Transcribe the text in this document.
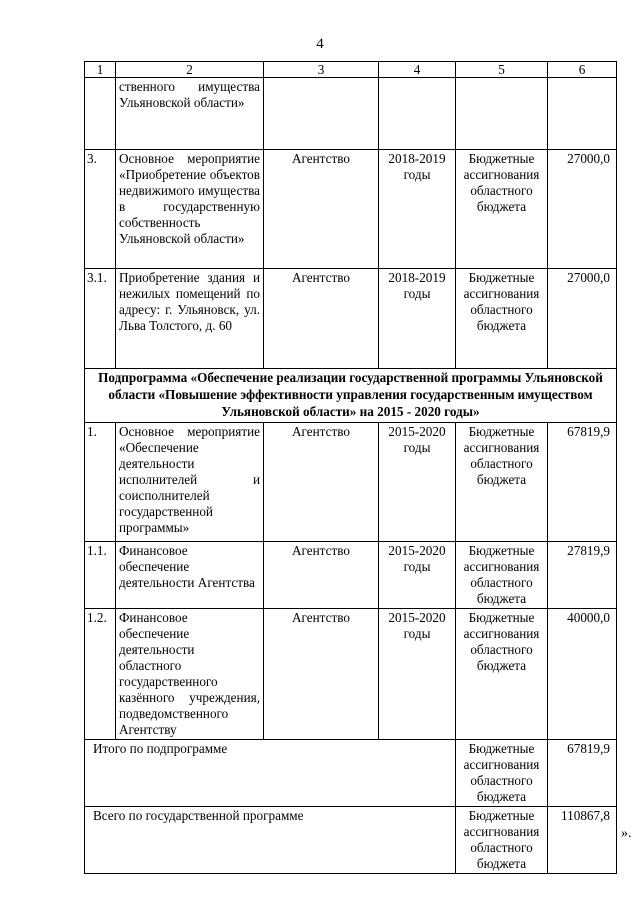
4
1	2	3	4	5	6
	ственного имущества Ульяновской области»				
3.	Основное мероприятие «Приобретение объектов недвижимого имущества в государственную собственность Ульяновской области»	Агентство	2018-2019 годы	Бюджетные ассигнования областного бюджета	27000,0
3.1.	Приобретение здания и нежилых помещений по адресу: г. Ульяновск, ул. Льва Толстого, д. 60	Агентство	2018-2019 годы	Бюджетные ассигнования областного бюджета	27000,0
Подпрограмма «Обеспечение реализации государственной программы Ульяновской области «Повышение эффективности управления государственным имуществом Ульяновской области» на 2015 - 2020 годы»					
1.	Основное мероприятие «Обеспечение деятельности исполнителей и соисполнителей государственной программы»	Агентство	2015-2020 годы	Бюджетные ассигнования областного бюджета	67819,9
1.1.	Финансовое обеспечение деятельности Агентства	Агентство	2015-2020 годы	Бюджетные ассигнования областного бюджета	27819,9
1.2.	Финансовое обеспечение деятельности областного государственного казённого учреждения, подведомственного Агентству	Агентство	2015-2020 годы	Бюджетные ассигнования областного бюджета	40000,0
Итого по подпрограмме				Бюджетные ассигнования областного бюджета	67819,9
Всего по государственной программе				Бюджетные ассигнования областного бюджета	110867,8
».
